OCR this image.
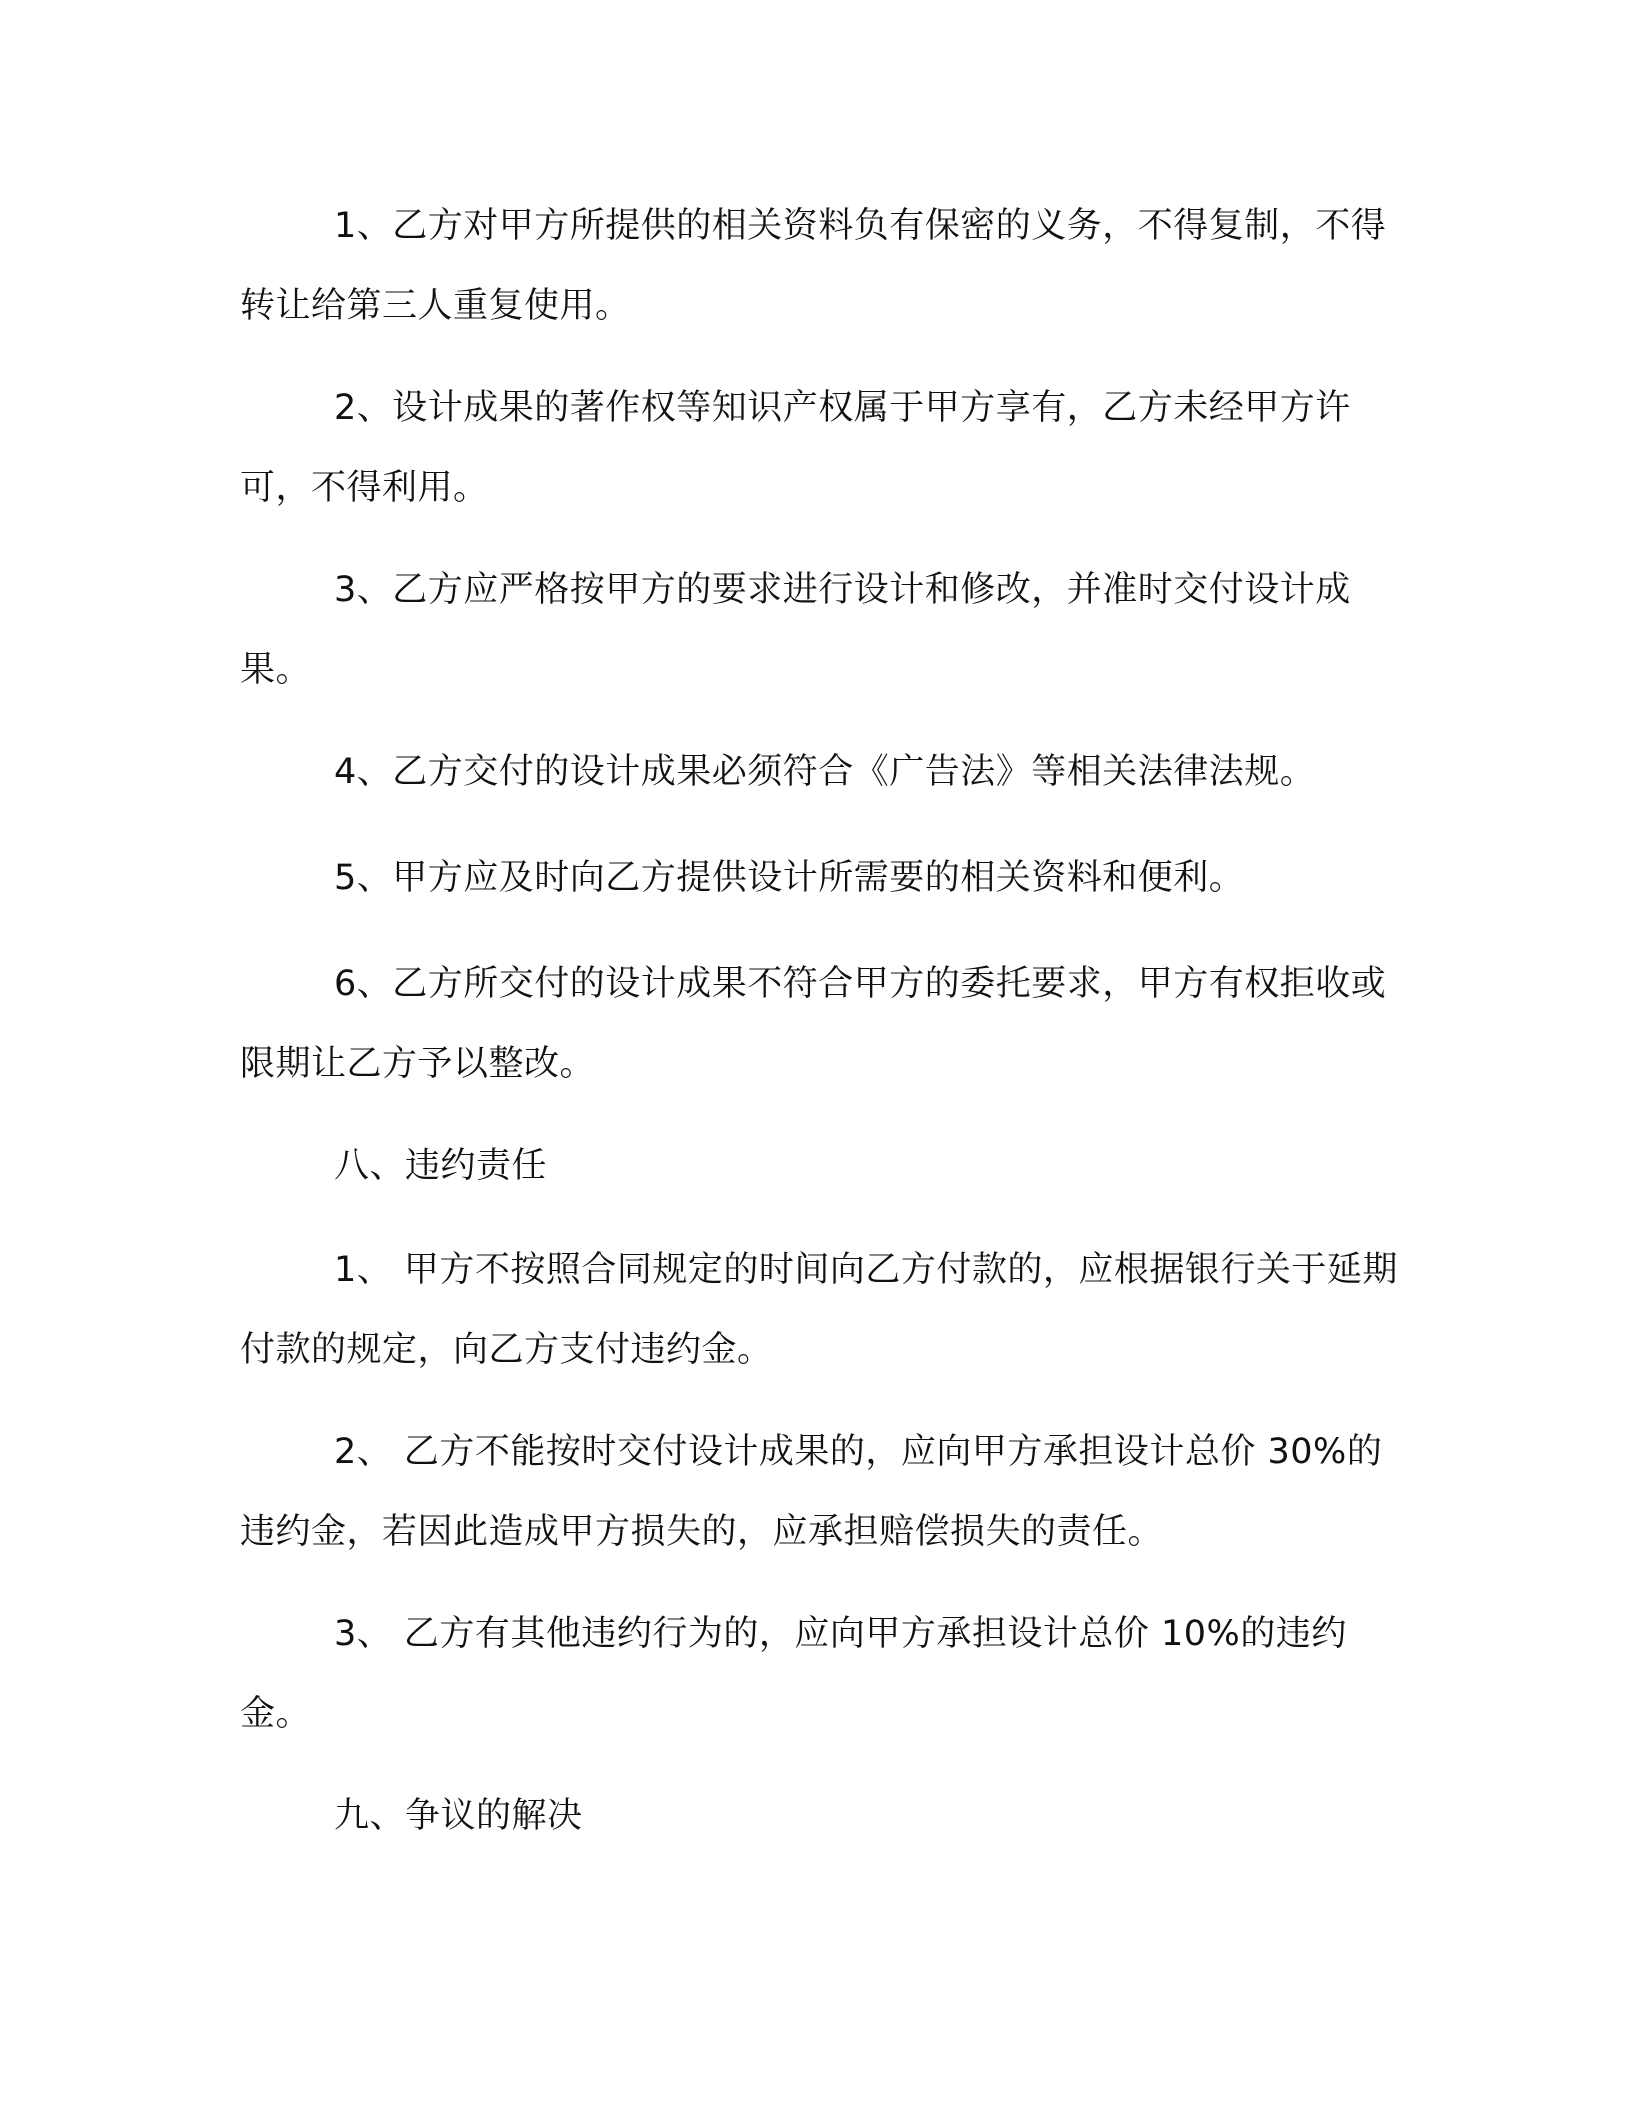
1、乙方对甲方所提供的相关资料负有保密的义务，不得复制，不得转让给第三人重复使用。

2、设计成果的著作权等知识产权属于甲方享有，乙方未经甲方许可，不得利用。

3、乙方应严格按甲方的要求进行设计和修改，并准时交付设计成果。

4、乙方交付的设计成果必须符合《广告法》等相关法律法规。

5、甲方应及时向乙方提供设计所需要的相关资料和便利。

6、乙方所交付的设计成果不符合甲方的委托要求，甲方有权拒收或限期让乙方予以整改。

八、违约责任

1、 甲方不按照合同规定的时间向乙方付款的，应根据银行关于延期付款的规定，向乙方支付违约金。

2、 乙方不能按时交付设计成果的，应向甲方承担设计总价 30%的违约金，若因此造成甲方损失的，应承担赔偿损失的责任。

3、 乙方有其他违约行为的，应向甲方承担设计总价 10%的违约金。

九、争议的解决
